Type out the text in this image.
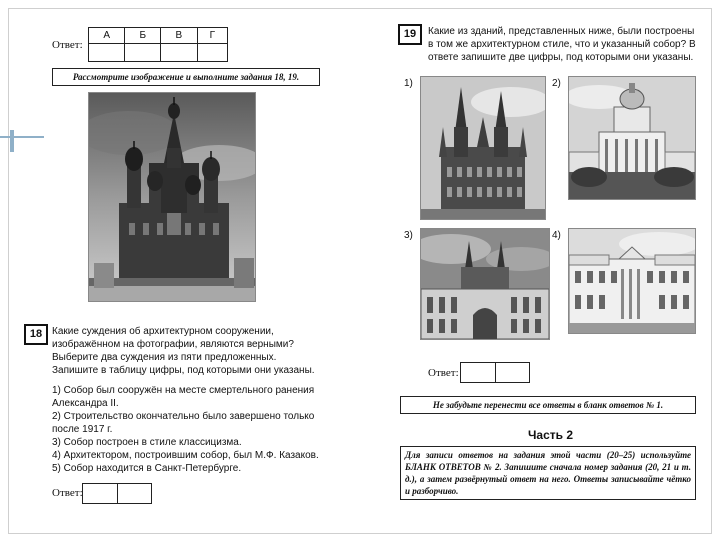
Ответ:
А	Б	В	Г

Рассмотрите изображение и выполните задания 18, 19.
18 Какие суждения об архитектурном сооружении, изображённом на фотографии, являются верными? Выберите два суждения из пяти предложенных. Запишите в таблицу цифры, под которыми они указаны.
1) Собор был сооружён на месте смертельного ранения Александра II.
2) Строительство окончательно было завершено только после 1917 г.
3) Собор построен в стиле классицизма.
4) Архитектором, построившим собор, был М.Ф. Казаков.
5) Собор находится в Санкт-Петербурге.
Ответ:

19	Какие из зданий, представленных ниже, были построены в том же архитектурном стиле, что и указанный собор? В ответе запишите две цифры, под которыми они указаны.
1)	2)
3)	4)
Ответ:

Не забудьте перенести все ответы в бланк ответов № 1.
Часть 2
Для записи ответов на задания этой части (20–25) используйте БЛАНК ОТВЕТОВ № 2. Запишите сначала номер задания (20, 21 и т. д.), а затем развёрнутый ответ на него. Ответы записывайте чётко и разборчиво.
